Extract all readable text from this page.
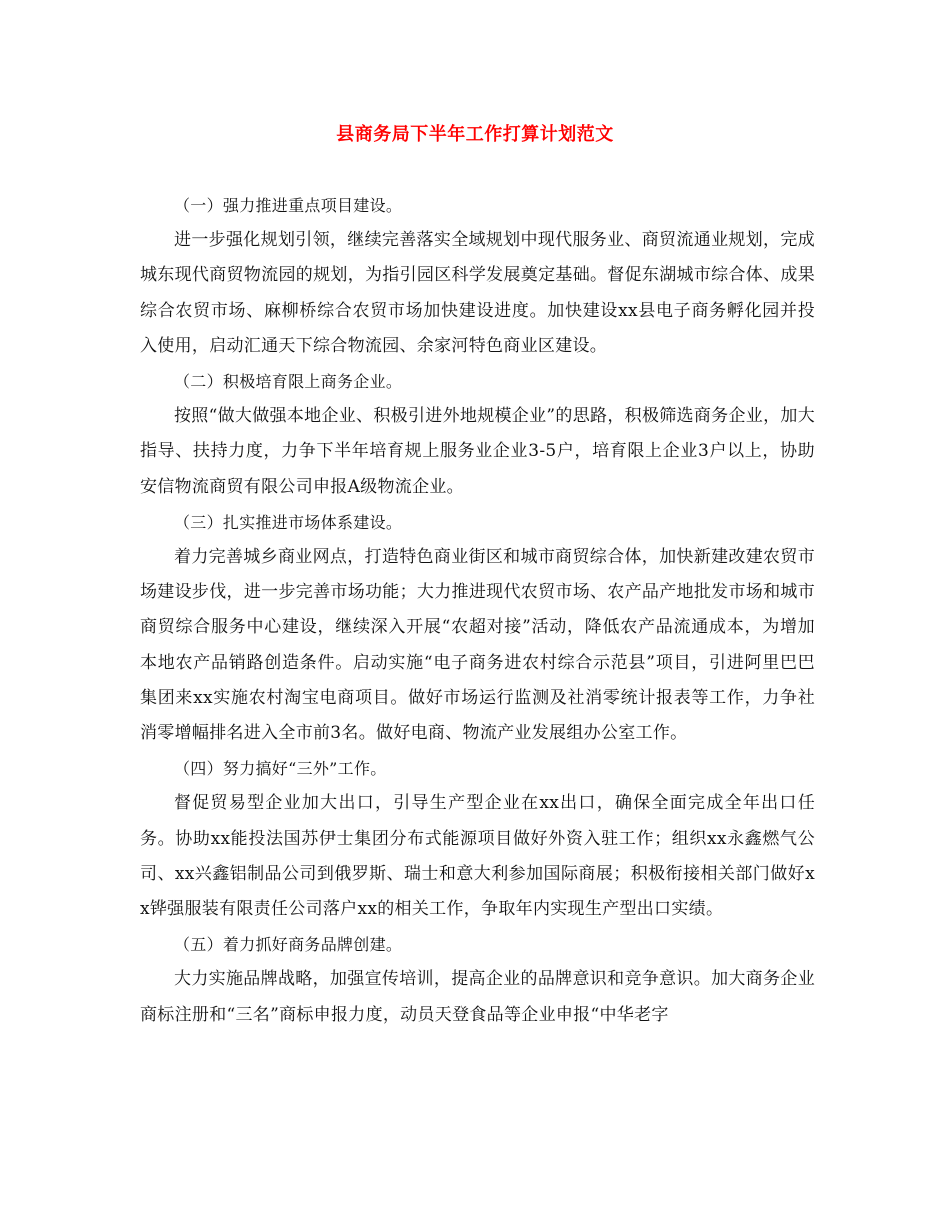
县商务局下半年工作打算计划范文

（一）强力推进重点项目建设。

进一步强化规划引领，继续完善落实全域规划中现代服务业、商贸流通业规划，完成城东现代商贸物流园的规划，为指引园区科学发展奠定基础。督促东湖城市综合体、成果综合农贸市场、麻柳桥综合农贸市场加快建设进度。加快建设xx县电子商务孵化园并投入使用，启动汇通天下综合物流园、余家河特色商业区建设。

（二）积极培育限上商务企业。

按照“做大做强本地企业、积极引进外地规模企业”的思路，积极筛选商务企业，加大指导、扶持力度，力争下半年培育规上服务业企业3-5户，培育限上企业3户以上，协助安信物流商贸有限公司申报A级物流企业。

（三）扎实推进市场体系建设。

着力完善城乡商业网点，打造特色商业街区和城市商贸综合体，加快新建改建农贸市场建设步伐，进一步完善市场功能；大力推进现代农贸市场、农产品产地批发市场和城市商贸综合服务中心建设，继续深入开展“农超对接”活动，降低农产品流通成本，为增加本地农产品销路创造条件。启动实施“电子商务进农村综合示范县”项目，引进阿里巴巴集团来xx实施农村淘宝电商项目。做好市场运行监测及社消零统计报表等工作，力争社消零增幅排名进入全市前3名。做好电商、物流产业发展组办公室工作。

（四）努力搞好“三外”工作。

督促贸易型企业加大出口，引导生产型企业在xx出口，确保全面完成全年出口任务。协助xx能投法国苏伊士集团分布式能源项目做好外资入驻工作；组织xx永鑫燃气公司、xx兴鑫铝制品公司到俄罗斯、瑞士和意大利参加国际商展；积极衔接相关部门做好xx铧强服装有限责任公司落户xx的相关工作，争取年内实现生产型出口实绩。

（五）着力抓好商务品牌创建。

大力实施品牌战略，加强宣传培训，提高企业的品牌意识和竞争意识。加大商务企业商标注册和“三名”商标申报力度，动员天登食品等企业申报“中华老字
